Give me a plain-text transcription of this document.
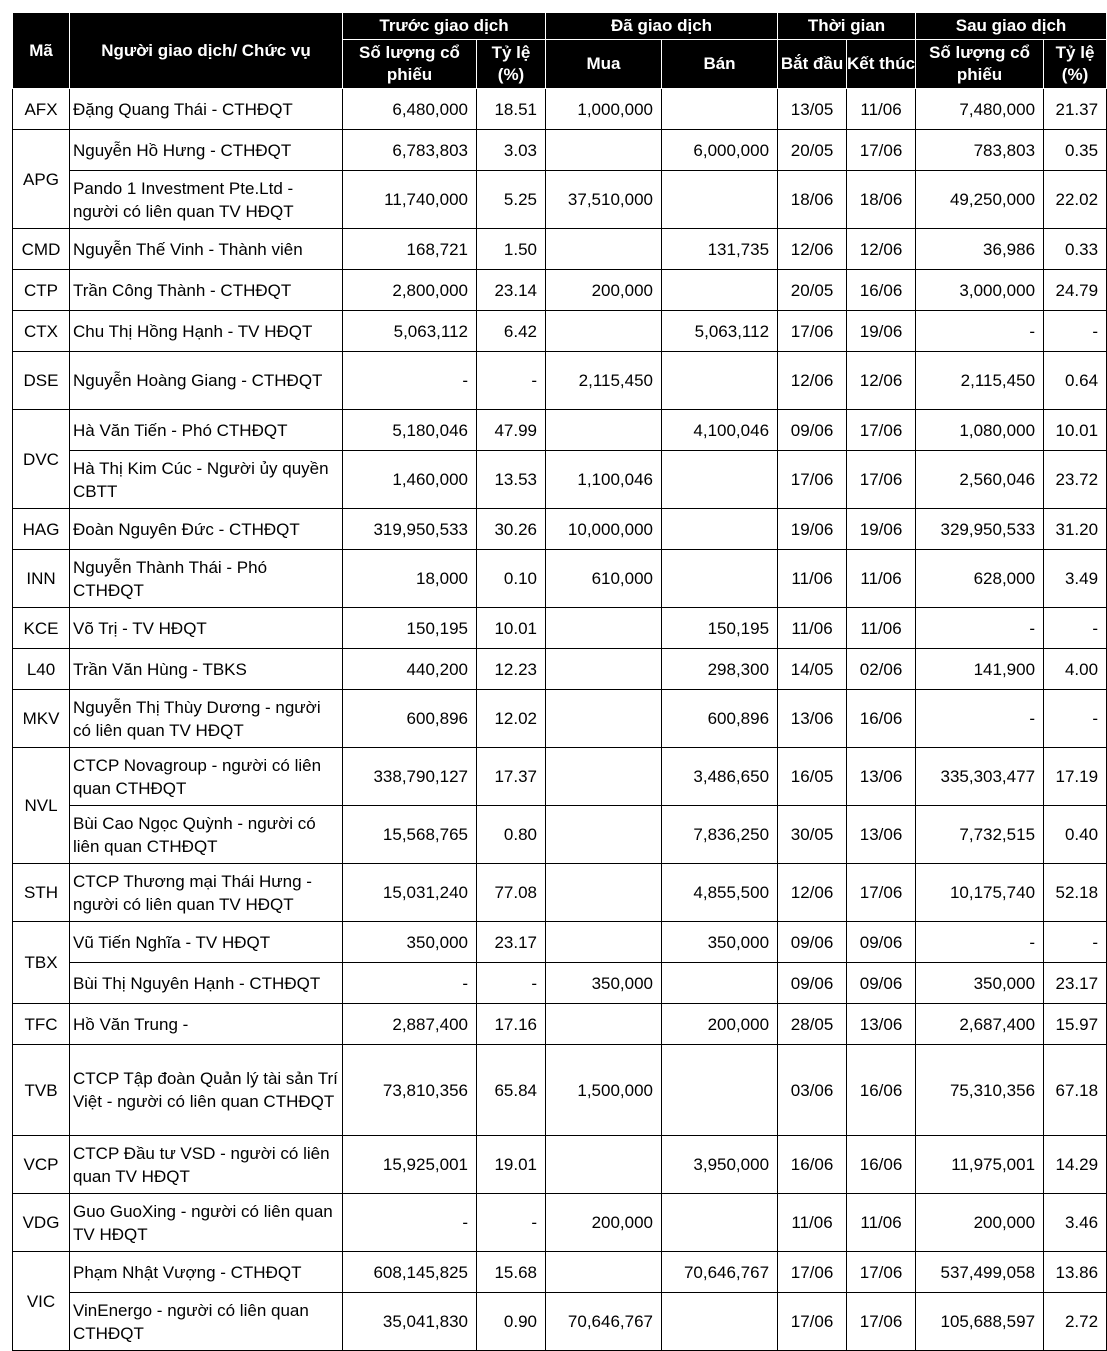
Mã	Người giao dịch/ Chức vụ	Trước giao dịch		Đã giao dịch		Thời gian		Sau giao dịch	
		Số lượng cổ phiếu	Tỷ lệ (%)	Mua	Bán	Bắt đầu	Kết thúc	Số lượng cổ phiếu	Tỷ lệ (%)
AFX	Đặng Quang Thái - CTHĐQT	6,480,000	18.51	1,000,000		13/05	11/06	7,480,000	21.37
APG	Nguyễn Hồ Hưng - CTHĐQT	6,783,803	3.03		6,000,000	20/05	17/06	783,803	0.35
	Pando 1 Investment Pte.Ltd - người có liên quan TV HĐQT	11,740,000	5.25	37,510,000		18/06	18/06	49,250,000	22.02
CMD	Nguyễn Thế Vinh - Thành viên	168,721	1.50		131,735	12/06	12/06	36,986	0.33
CTP	Trần Công Thành - CTHĐQT	2,800,000	23.14	200,000		20/05	16/06	3,000,000	24.79
CTX	Chu Thị Hồng Hạnh - TV HĐQT	5,063,112	6.42		5,063,112	17/06	19/06	-	-
DSE	Nguyễn Hoàng Giang - CTHĐQT	-	-	2,115,450		12/06	12/06	2,115,450	0.64
DVC	Hà Văn Tiến - Phó CTHĐQT	5,180,046	47.99		4,100,046	09/06	17/06	1,080,000	10.01
	Hà Thị Kim Cúc - Người ủy quyền CBTT	1,460,000	13.53	1,100,046		17/06	17/06	2,560,046	23.72
HAG	Đoàn Nguyên Đức - CTHĐQT	319,950,533	30.26	10,000,000		19/06	19/06	329,950,533	31.20
INN	Nguyễn Thành Thái - Phó CTHĐQT	18,000	0.10	610,000		11/06	11/06	628,000	3.49
KCE	Võ Trị - TV HĐQT	150,195	10.01		150,195	11/06	11/06	-	-
L40	Trần Văn Hùng - TBKS	440,200	12.23		298,300	14/05	02/06	141,900	4.00
MKV	Nguyễn Thị Thùy Dương - người có liên quan TV HĐQT	600,896	12.02		600,896	13/06	16/06	-	-
NVL	CTCP Novagroup - người có liên quan CTHĐQT	338,790,127	17.37		3,486,650	16/05	13/06	335,303,477	17.19
	Bùi Cao Ngọc Quỳnh - người có liên quan CTHĐQT	15,568,765	0.80		7,836,250	30/05	13/06	7,732,515	0.40
STH	CTCP Thương mại Thái Hưng - người có liên quan TV HĐQT	15,031,240	77.08		4,855,500	12/06	17/06	10,175,740	52.18
TBX	Vũ Tiến Nghĩa - TV HĐQT	350,000	23.17		350,000	09/06	09/06	-	-
	Bùi Thị Nguyên Hạnh - CTHĐQT	-	-	350,000		09/06	09/06	350,000	23.17
TFC	Hồ Văn Trung -	2,887,400	17.16		200,000	28/05	13/06	2,687,400	15.97
TVB	CTCP Tập đoàn Quản lý tài sản Trí Việt - người có liên quan CTHĐQT	73,810,356	65.84	1,500,000		03/06	16/06	75,310,356	67.18
VCP	CTCP Đầu tư VSD - người có liên quan TV HĐQT	15,925,001	19.01		3,950,000	16/06	16/06	11,975,001	14.29
VDG	Guo GuoXing - người có liên quan TV HĐQT	-	-	200,000		11/06	11/06	200,000	3.46
VIC	Phạm Nhật Vượng - CTHĐQT	608,145,825	15.68		70,646,767	17/06	17/06	537,499,058	13.86
	VinEnergo - người có liên quan CTHĐQT	35,041,830	0.90	70,646,767		17/06	17/06	105,688,597	2.72
